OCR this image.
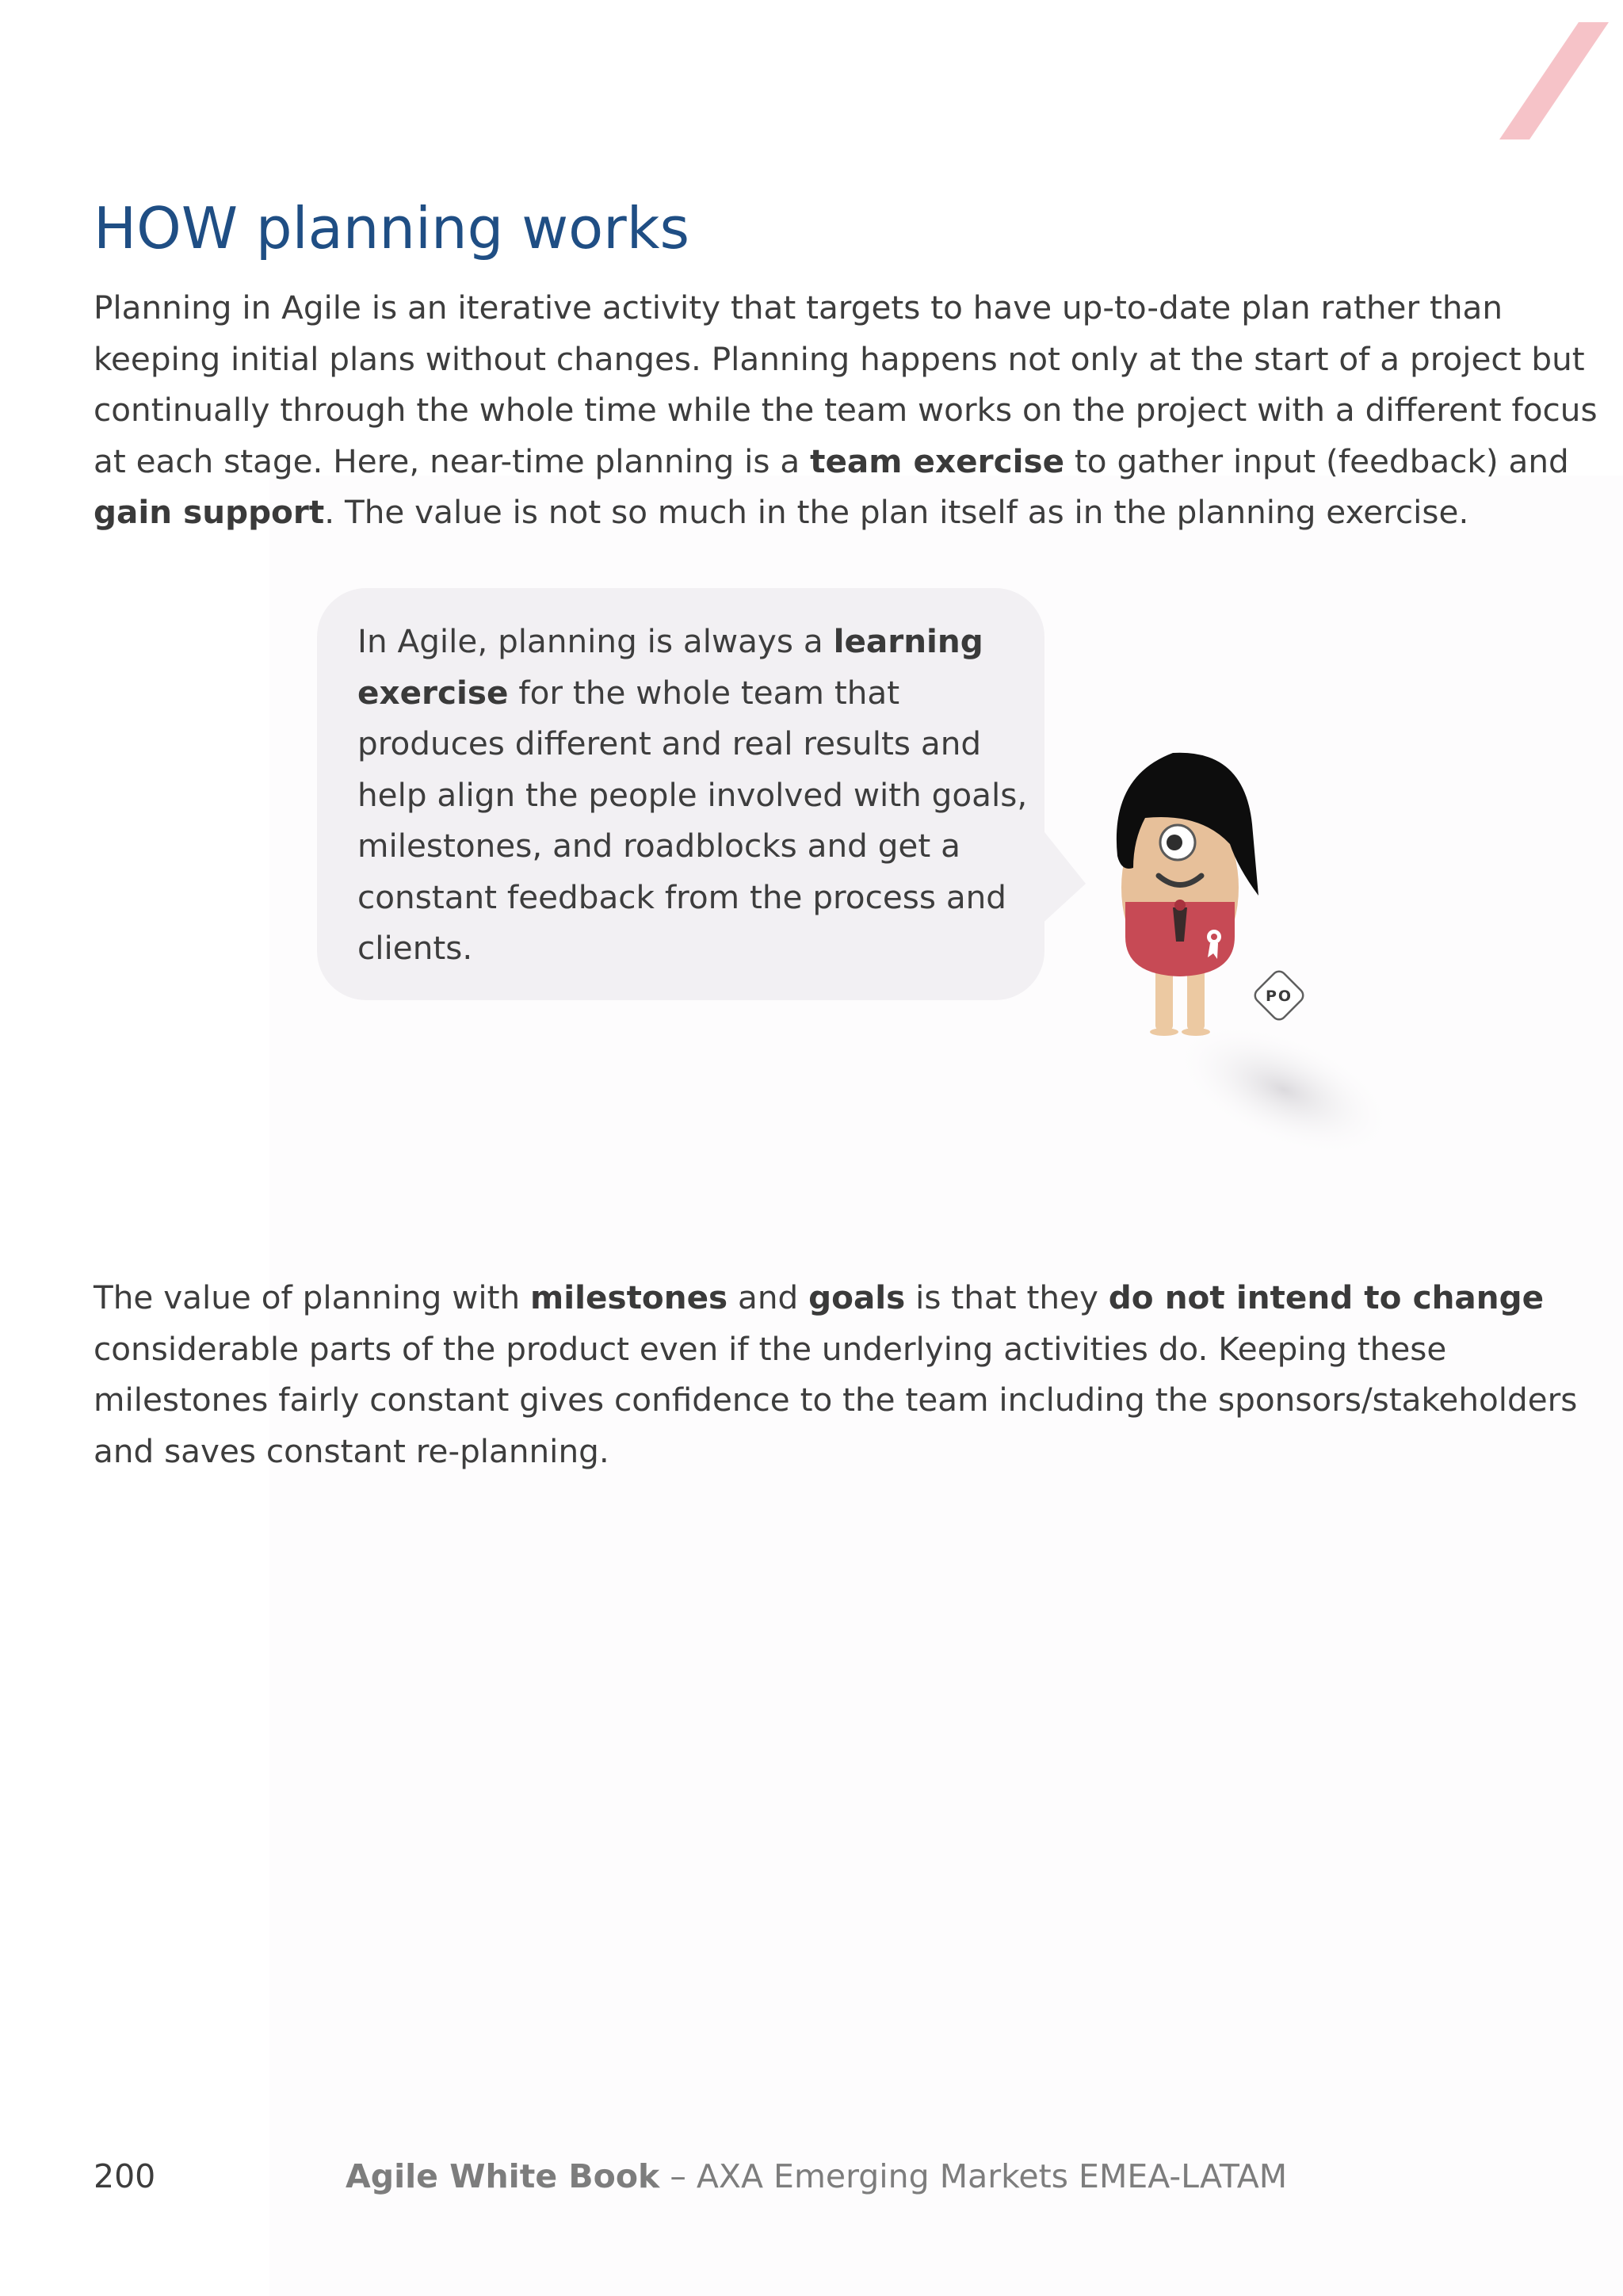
HOW planning works

Planning in Agile is an iterative activity that targets to have up-to-date plan rather than
keeping initial plans without changes. Planning happens not only at the start of a project but
continually through the whole time while the team works on the project with a different focus
at each stage. Here, near-time planning is a team exercise to gather input (feedback) and
gain support. The value is not so much in the plan itself as in the planning exercise.

In Agile, planning is always a learning
exercise for the whole team that
produces different and real results and
help align the people involved with goals,
milestones, and roadblocks and get a
constant feedback from the process and
clients.

PO

The value of planning with milestones and goals is that they do not intend to change
considerable parts of the product even if the underlying activities do. Keeping these
milestones fairly constant gives confidence to the team including the sponsors/stakeholders
and saves constant re-planning.

200	Agile White Book – AXA Emerging Markets EMEA-LATAM
